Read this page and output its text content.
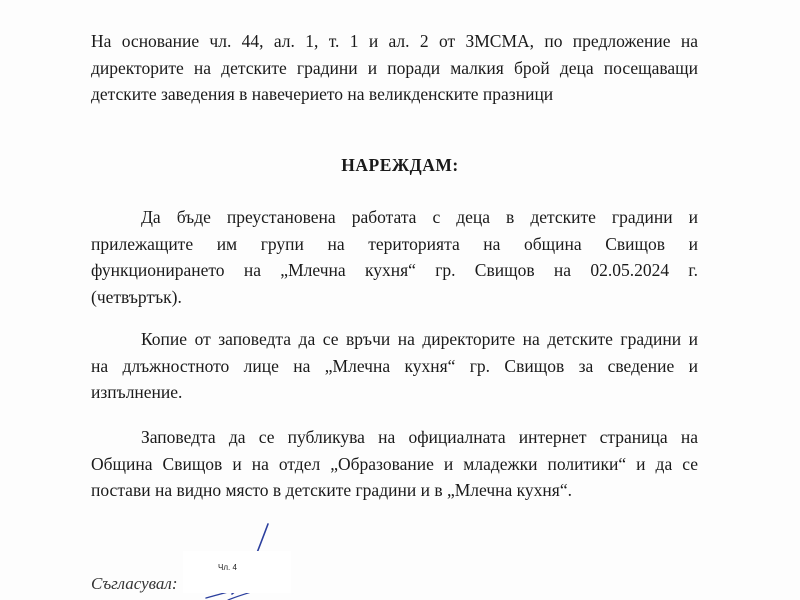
На основание чл. 44, ал. 1, т. 1 и ал. 2 от ЗМСМА, по предложение на
директорите на детските градини и поради малкия брой деца посещаващи
детските заведения в навечерието на великденските празници
НАРЕЖДАМ:
Да бъде преустановена работата с деца в детските градини и
прилежащите им групи на територията на община Свищов и
функционирането на „Млечна кухня“ гр. Свищов на 02.05.2024 г.
(четвъртък).
Копие от заповедта да се връчи на директорите на детските градини и
на длъжностното лице на „Млечна кухня“ гр. Свищов за сведение и
изпълнение.
Заповедта да се публикува на официалната интернет страница на
Община Свищов и на отдел „Образование и младежки политики“ и да се
постави на видно място в детските градини и в „Млечна кухня“.
Чл. 4
Съгласувал:
